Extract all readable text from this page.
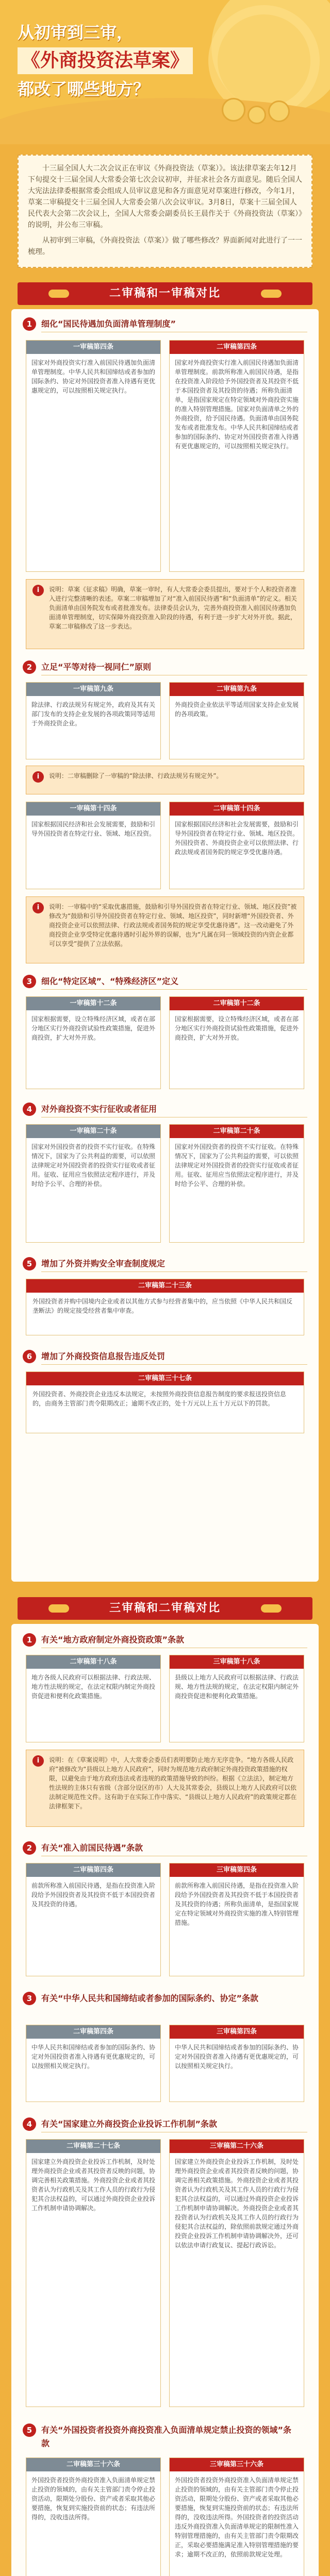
从初审到三审，
《外商投资法草案》
都改了哪些地方？

十三届全国人大二次会议正在审议《外商投资法（草案）》。该法律草案去年12月下旬提交十三届全国人大常委会第七次会议初审，并征求社会各方面意见。随后全国人大宪法法律委根据常委会组成人员审议意见和各方面意见对草案进行修改，今年1月，草案二审稿提交十三届全国人大常委会第八次会议审议。3月8日，草案十三届全国人民代表大会第二次会议上，全国人大常委会副委员长王晨作关于《外商投资法（草案）》的说明，并公布三审稿。

从初审到三审稿，《外商投资法（草案）》做了哪些修改？界面新闻对此进行了一一梳理。

二审稿和一审稿对比
1	细化“国民待遇加负面清单管理制度”
一审稿第四条
国家对外商投资实行准入前国民待遇加负面清单管理制度。中华人民共和国缔结或者参加的国际条约、协定对外国投资者准入待遇有更优惠规定的，可以按照相关规定执行。
二审稿第四条
国家对外商投资实行准入前国民待遇加负面清单管理制度。前款所称准入前国民待遇，是指在投资准入阶段给予外国投资者及其投资不低于本国投资者及其投资的待遇；所称负面清单，是指国家规定在特定领域对外商投资实施的准入特别管理措施。国家对负面清单之外的外商投资，给予国民待遇。负面清单由国务院发布或者批准发布。中华人民共和国缔结或者参加的国际条约、协定对外国投资者准入待遇有更优惠规定的，可以按照相关规定执行。
i	说明：草案《征求稿》明确，草案一审时，有人大常委会委员提出，要对于个人和投资者准入进行完整清晰的表述。草案二审稿增加了对“准入前国民待遇”和“负面清单”的定义。相关负面清单由国务院发布或者批准发布。法律委员会认为，完善外商投资准入前国民待遇加负面清单管理制度，切实保障外商投资准入阶段的待遇，有利于进一步扩大对外开放。据此，草案二审稿修改了这一步表达。
2	立足“平等对待一视同仁”原则
一审稿第九条
除法律、行政法规另有规定外，政府及其有关部门发布的支持企业发展的各项政策同等适用于外商投资企业。
二审稿第九条
外商投资企业依法平等适用国家支持企业发展的各项政策。
i	说明：二审稿删除了一审稿的“除法律、行政法规另有规定外”。
一审稿第十四条
国家根据国民经济和社会发展需要，鼓励和引导外国投资者在特定行业、领域、地区投资。
二审稿第十四条
国家根据国民经济和社会发展需要，鼓励和引导外国投资者在特定行业、领域、地区投资。外国投资者、外商投资企业可以依照法律、行政法规或者国务院的规定享受优惠待遇。
i	说明：一审稿中的“采取优惠措施，鼓励和引导外国投资者在特定行业、领域、地区投资”被修改为“鼓励和引导外国投资者在特定行业、领域、地区投资”，同时新增“外国投资者、外商投资企业可以依照法律、行政法规或者国务院的规定享受优惠待遇”。这一改动避免了外商投资企业享受特定优惠待遇时引起外界的误解，也为“凡属在同一领域投资的内资企业都可以享受”提供了立法依据。
3	细化“特定区域”、“特殊经济区”定义
一审稿第十二条
国家根据需要，设立特殊经济区域，或者在部分地区实行外商投资试验性政策措施，促进外商投资，扩大对外开放。
二审稿第十二条
国家根据需要，设立特殊经济区域，或者在部分地区实行外商投资试验性政策措施，促进外商投资，扩大对外开放。
4	对外商投资不实行征收或者征用
一审稿第二十条
国家对外国投资者的投资不实行征收。在特殊情况下，国家为了公共利益的需要，可以依照法律规定对外国投资者的投资实行征收或者征用。征收、征用应当依照法定程序进行，并及时给予公平、合理的补偿。
二审稿第二十条
国家对外国投资者的投资不实行征收。在特殊情况下，国家为了公共利益的需要，可以依照法律规定对外国投资者的投资实行征收或者征用。征收、征用应当依照法定程序进行，并及时给予公平、合理的补偿。
5	增加了外资并购安全审查制度规定
二审稿第二十三条
外国投资者并购中国境内企业或者以其他方式参与经营者集中的，应当依照《中华人民共和国反垄断法》的规定接受经营者集中审查。
6	增加了外商投资信息报告违反处罚
二审稿第三十七条
外国投资者、外商投资企业违反本法规定，未按照外商投资信息报告制度的要求报送投资信息的，由商务主管部门责令限期改正；逾期不改正的，处十万元以上五十万元以下的罚款。
三审稿和二审稿对比
1	有关“地方政府制定外商投资政策”条款
二审稿第十八条
地方各级人民政府可以根据法律、行政法规、地方性法规的规定，在法定权限内制定外商投资促进和便利化政策措施。
三审稿第十八条
县级以上地方人民政府可以根据法律、行政法规、地方性法规的规定，在法定权限内制定外商投资促进和便利化政策措施。
i	说明：在《草案说明》中，人大常委会委员们表明要防止地方无序竞争。“地方各级人民政府”被修改为“县级以上地方人民政府”，同时为规范地方政府制定外商投资政策措施的权限，以避免由于地方政府违法或者违规的政策措施导致的纠纷。根据《立法法》，制定地方性法规的主体只有省级（含部分设区的市）人大及其常委会，县级以上地方人民政府可以依法制定规范性文件。这有助于在实际工作中落实、“县级以上地方人民政府”的政策规定都在法律框架下。
2	有关“准入前国民待遇”条款
二审稿第四条
前款所称准入前国民待遇，是指在投资准入阶段给予外国投资者及其投资不低于本国投资者及其投资的待遇。
三审稿第四条
前款所称准入前国民待遇，是指在投资准入阶段给予外国投资者及其投资不低于本国投资者及其投资的待遇；所称负面清单，是指国家规定在特定领域对外商投资实施的准入特别管理措施。
3	有关“中华人民共和国缔结或者参加的国际条约、协定”条款
二审稿第四条
中华人民共和国缔结或者参加的国际条约、协定对外国投资者准入待遇有更优惠规定的，可以按照相关规定执行。
三审稿第四条
中华人民共和国缔结或者参加的国际条约、协定对外国投资者准入待遇有更优惠规定的，可以按照相关规定执行。
4	有关“国家建立外商投资企业投诉工作机制”条款
二审稿第二十七条
国家建立外商投资企业投诉工作机制，及时处理外商投资企业或者其投资者反映的问题，协调完善相关政策措施。外商投资企业或者其投资者认为行政机关及其工作人员的行政行为侵犯其合法权益的，可以通过外商投资企业投诉工作机制申请协调解决。
三审稿第二十六条
国家建立外商投资企业投诉工作机制，及时处理外商投资企业或者其投资者反映的问题，协调完善相关政策措施。外商投资企业或者其投资者认为行政机关及其工作人员的行政行为侵犯其合法权益的，可以通过外商投资企业投诉工作机制申请协调解决。外商投资企业或者其投资者认为行政机关及其工作人员的行政行为侵犯其合法权益的，除依照前款规定通过外商投资企业投诉工作机制申请协调解决外，还可以依法申请行政复议、提起行政诉讼。
5	有关“外国投资者投资外商投资准入负面清单规定禁止投资的领域”条款
二审稿第三十六条
外国投资者投资外商投资准入负面清单规定禁止投资的领域的，由有关主管部门责令停止投资活动，限期处分股份、资产或者采取其他必要措施，恢复到实施投资前的状态；有违法所得的，没收违法所得。
三审稿第三十六条
外国投资者投资外商投资准入负面清单规定禁止投资的领域的，由有关主管部门责令停止投资活动，限期处分股份、资产或者采取其他必要措施，恢复到实施投资前的状态；有违法所得的，没收违法所得。外国投资者的投资活动违反外商投资准入负面清单规定的限制性准入特别管理措施的，由有关主管部门责令限期改正，采取必要措施满足准入特别管理措施的要求；逾期不改正的，依照前款规定处理。
